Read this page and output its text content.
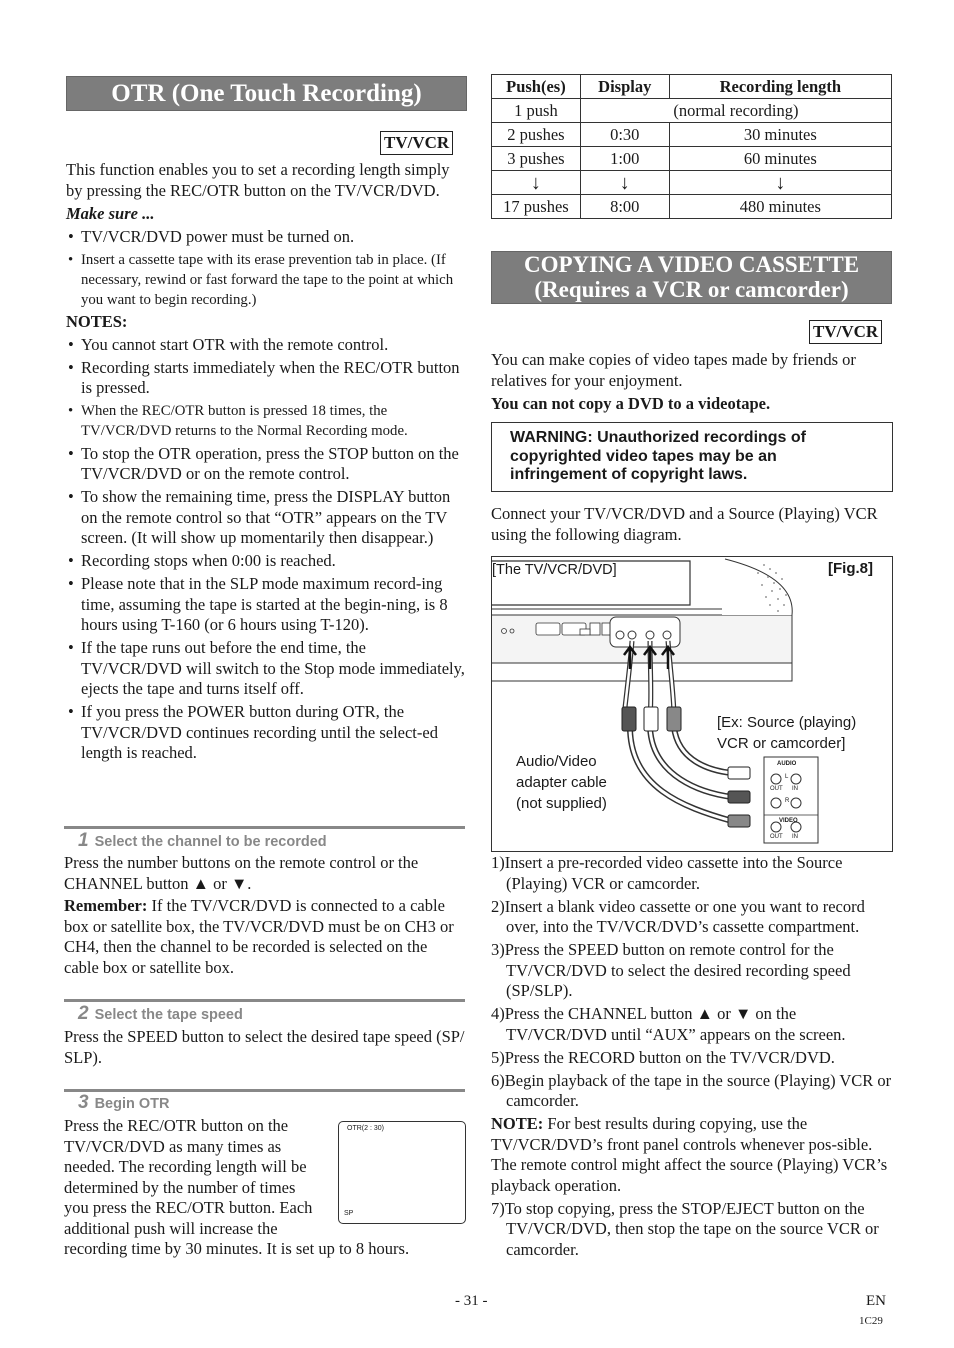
OTR (One Touch Recording)
TV/VCR

This function enables you to set a recording length simply by pressing the REC/OTR button on the TV/VCR/DVD.

Make sure ...

• TV/VCR/DVD power must be turned on.
• Insert a cassette tape with its erase prevention tab in place. (If necessary, rewind or fast forward the tape to the point at which you want to begin recording.)

NOTES:

• You cannot start OTR with the remote control.
• Recording starts immediately when the REC/OTR button is pressed.
• When the REC/OTR button is pressed 18 times, the TV/VCR/DVD returns to the Normal Recording mode.
• To stop the OTR operation, press the STOP button on the TV/VCR/DVD or on the remote control.
• To show the remaining time, press the DISPLAY button on the remote control so that “OTR” appears on the TV screen. (It will show up momentarily then disappear.)
• Recording stops when 0:00 is reached.
• Please note that in the SLP mode maximum record-ing time, assuming the tape is started at the begin-ning, is 8 hours using T-160 (or 6 hours using T-120).
• If the tape runs out before the end time, the TV/VCR/DVD will switch to the Stop mode immediately, ejects the tape and turns itself off.
• If you press the POWER button during OTR, the TV/VCR/DVD continues recording until the select-ed length is reached.
1 Select the channel to be recorded

Press the number buttons on the remote control or the CHANNEL button ▲ or ▼.

Remember: If the TV/VCR/DVD is connected to a cable box or satellite box, the TV/VCR/DVD must be on CH3 or CH4, then the channel to be recorded is selected on the cable box or satellite box.

2 Select the tape speed

Press the SPEED button to select the desired tape speed (SP/ SLP).

3 Begin OTR
Press the REC/OTR button on the
TV/VCR/DVD as many times as
needed. The recording length will be
determined by the number of times
you press the REC/OTR button. Each
additional push will increase the
recording time by 30 minutes. It is set up to 8 hours.
OTR(2 : 30)
SP
Push(es)	Display	Recording length
1 push	(normal recording)	
2 pushes	0:30	30 minutes
3 pushes	1:00	60 minutes
↓	↓	↓
17 pushes	8:00	480 minutes
COPYING A VIDEO CASSETTE
(Requires a VCR or camcorder)
TV/VCR

You can make copies of video tapes made by friends or relatives for your enjoyment.

You can not copy a DVD to a videotape.

WARNING: Unauthorized recordings of copyrighted video tapes may be an infringement of copyright laws.

Connect your TV/VCR/DVD and a Source (Playing) VCR using the following diagram.

[The TV/VCR/DVD]	[Fig.8]
[Ex: Source (playing)
VCR or camcorder]
Audio/Video
adapter cable
(not supplied)
AUDIO
VIDEO
L
R
OUT IN
OUT IN
1)Insert a pre-recorded video cassette into the Source (Playing) VCR or camcorder.
2)Insert a blank video cassette or one you want to record over, into the TV/VCR/DVD’s cassette compartment.
3)Press the SPEED button on remote control for the TV/VCR/DVD to select the desired recording speed (SP/SLP).
4)Press the CHANNEL button ▲ or ▼ on the TV/VCR/DVD until “AUX” appears on the screen.
5)Press the RECORD button on the TV/VCR/DVD.
6)Begin playback of the tape in the source (Playing) VCR or camcorder.

NOTE: For best results during copying, use the TV/VCR/DVD’s front panel controls whenever pos-sible. The remote control might affect the source (Playing) VCR’s playback operation.

7)To stop copying, press the STOP/EJECT button on the TV/VCR/DVD, then stop the tape on the source VCR or camcorder.
- 31 -	EN
1C29
